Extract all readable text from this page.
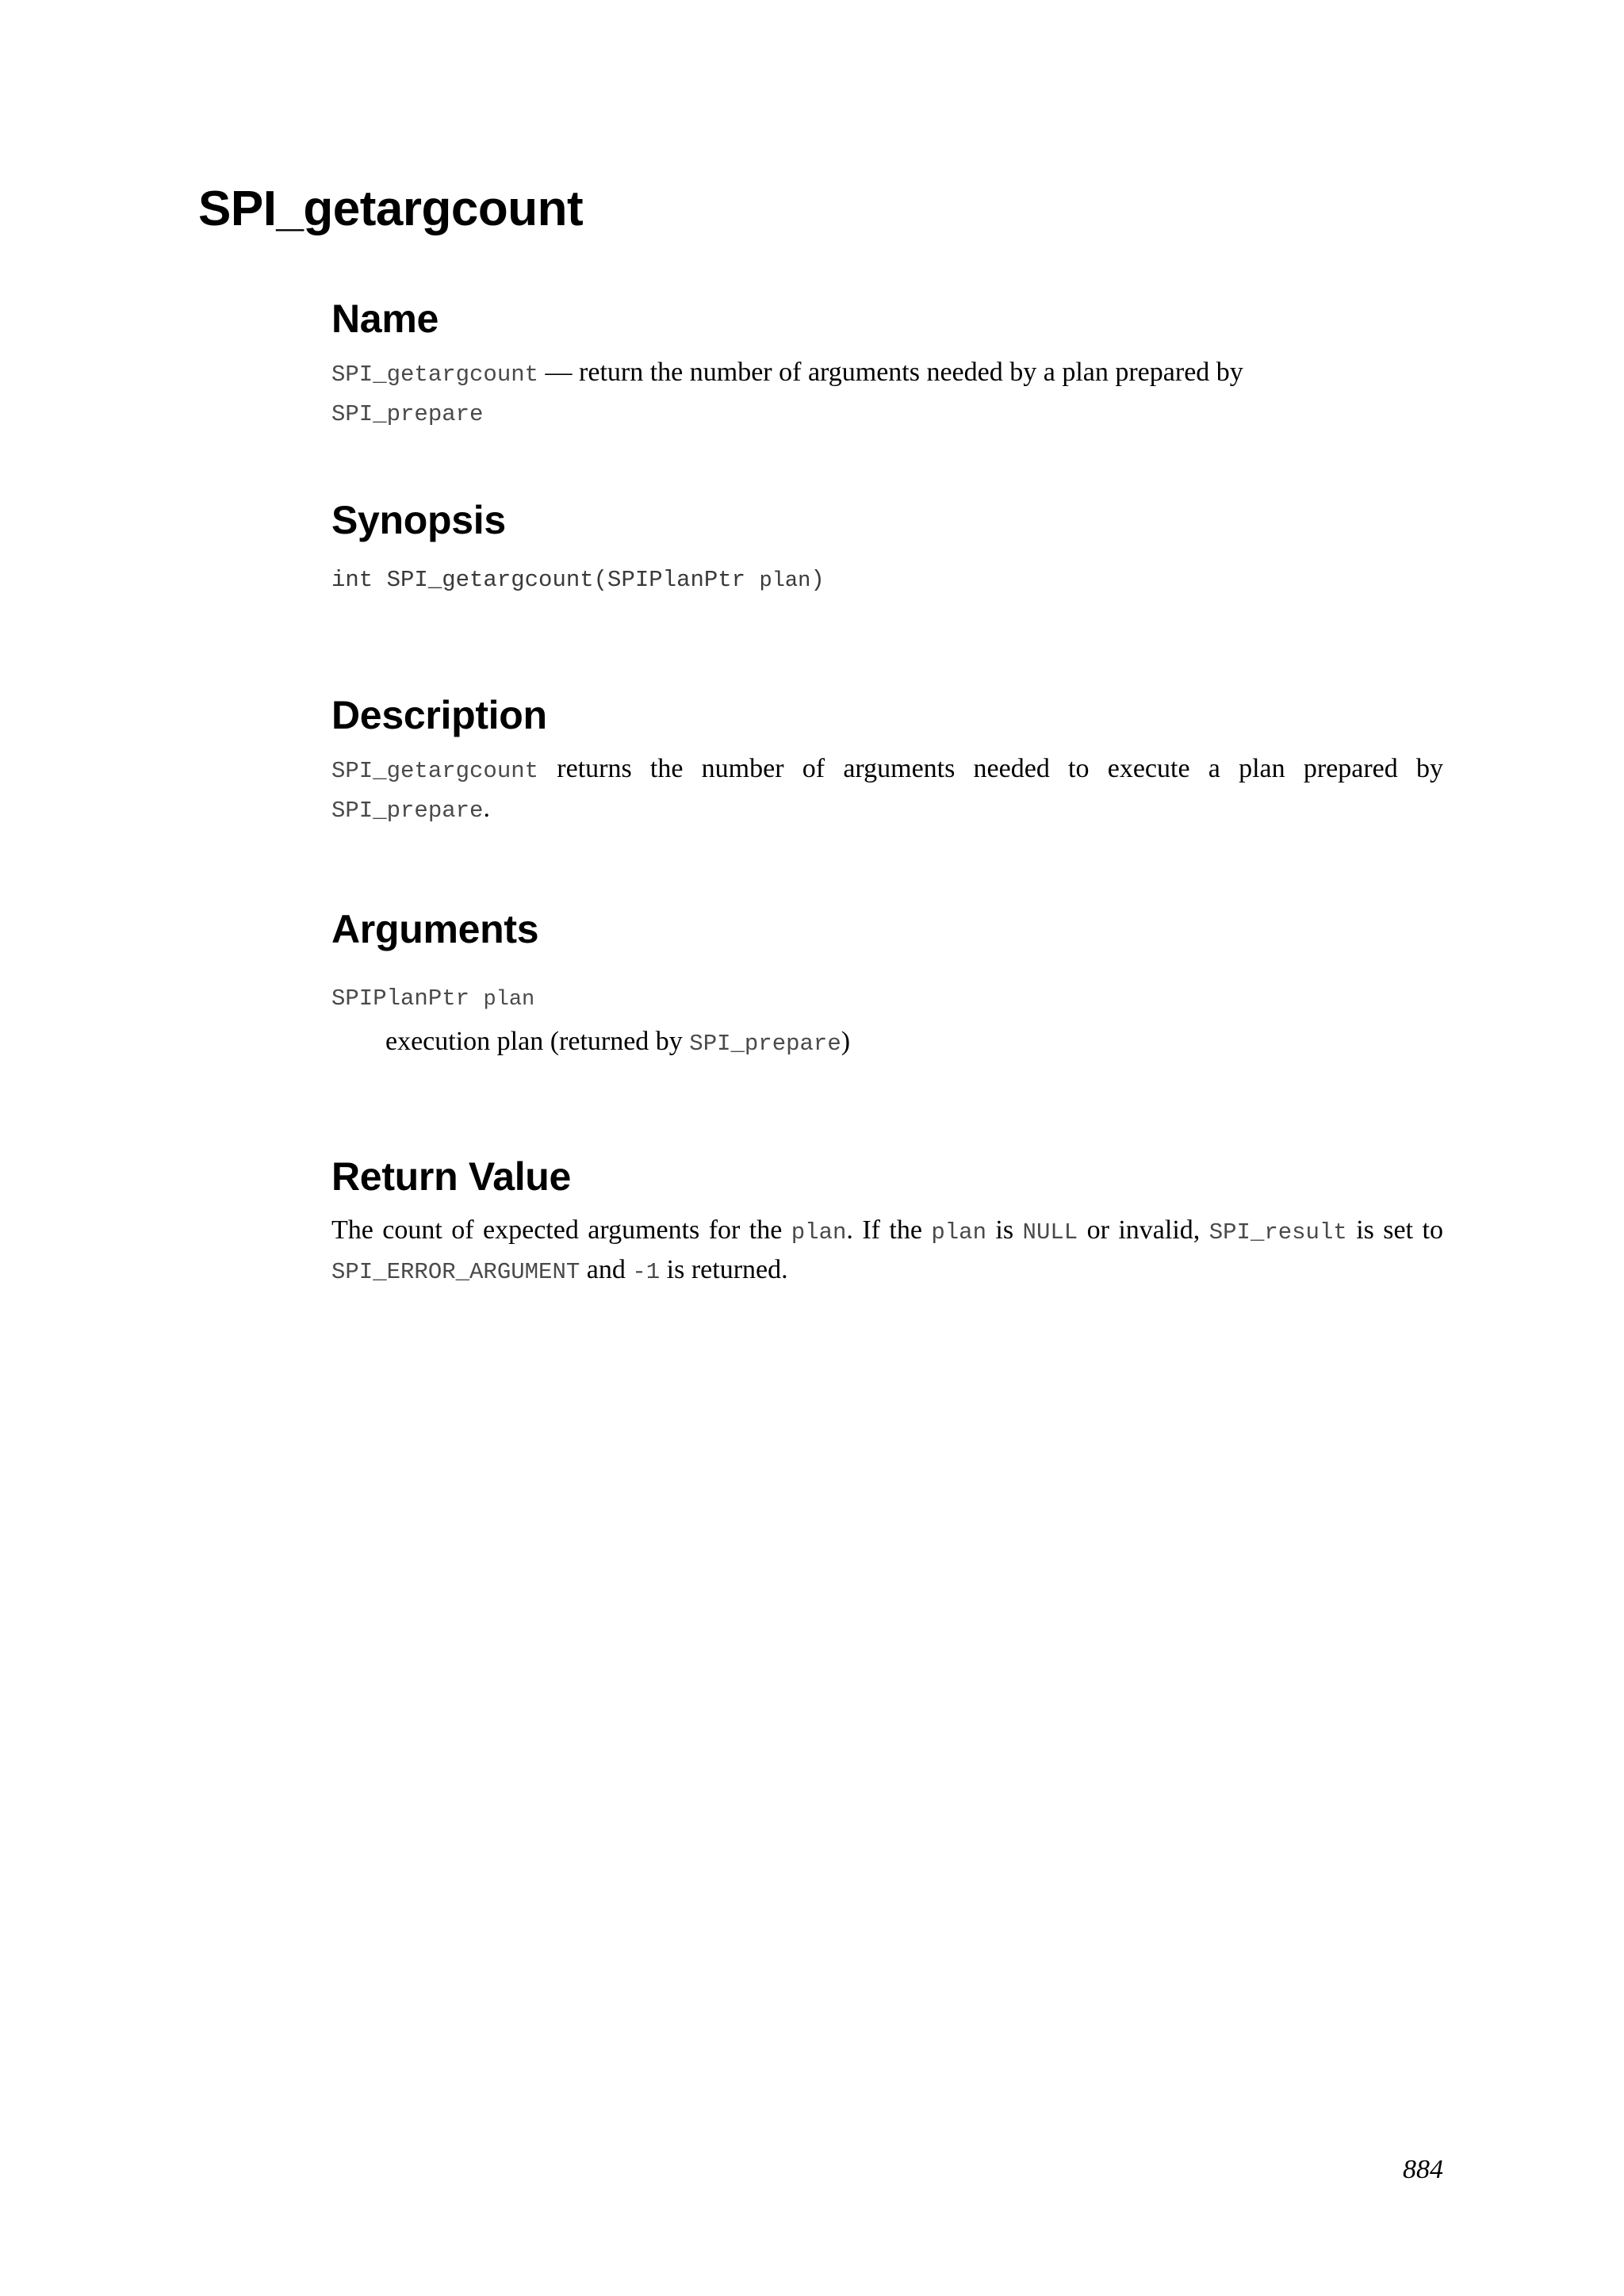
SPI_getargcount
Name

SPI_getargcount — return the number of arguments needed by a plan prepared by
SPI_prepare

Synopsis

int SPI_getargcount(SPIPlanPtr plan)

Description

SPI_getargcount returns the number of arguments needed to execute a plan prepared by SPI_prepare.

Arguments

SPIPlanPtr plan

execution plan (returned by SPI_prepare)

Return Value

The count of expected arguments for the plan. If the plan is NULL or invalid, SPI_result is set to SPI_ERROR_ARGUMENT and -1 is returned.

884
